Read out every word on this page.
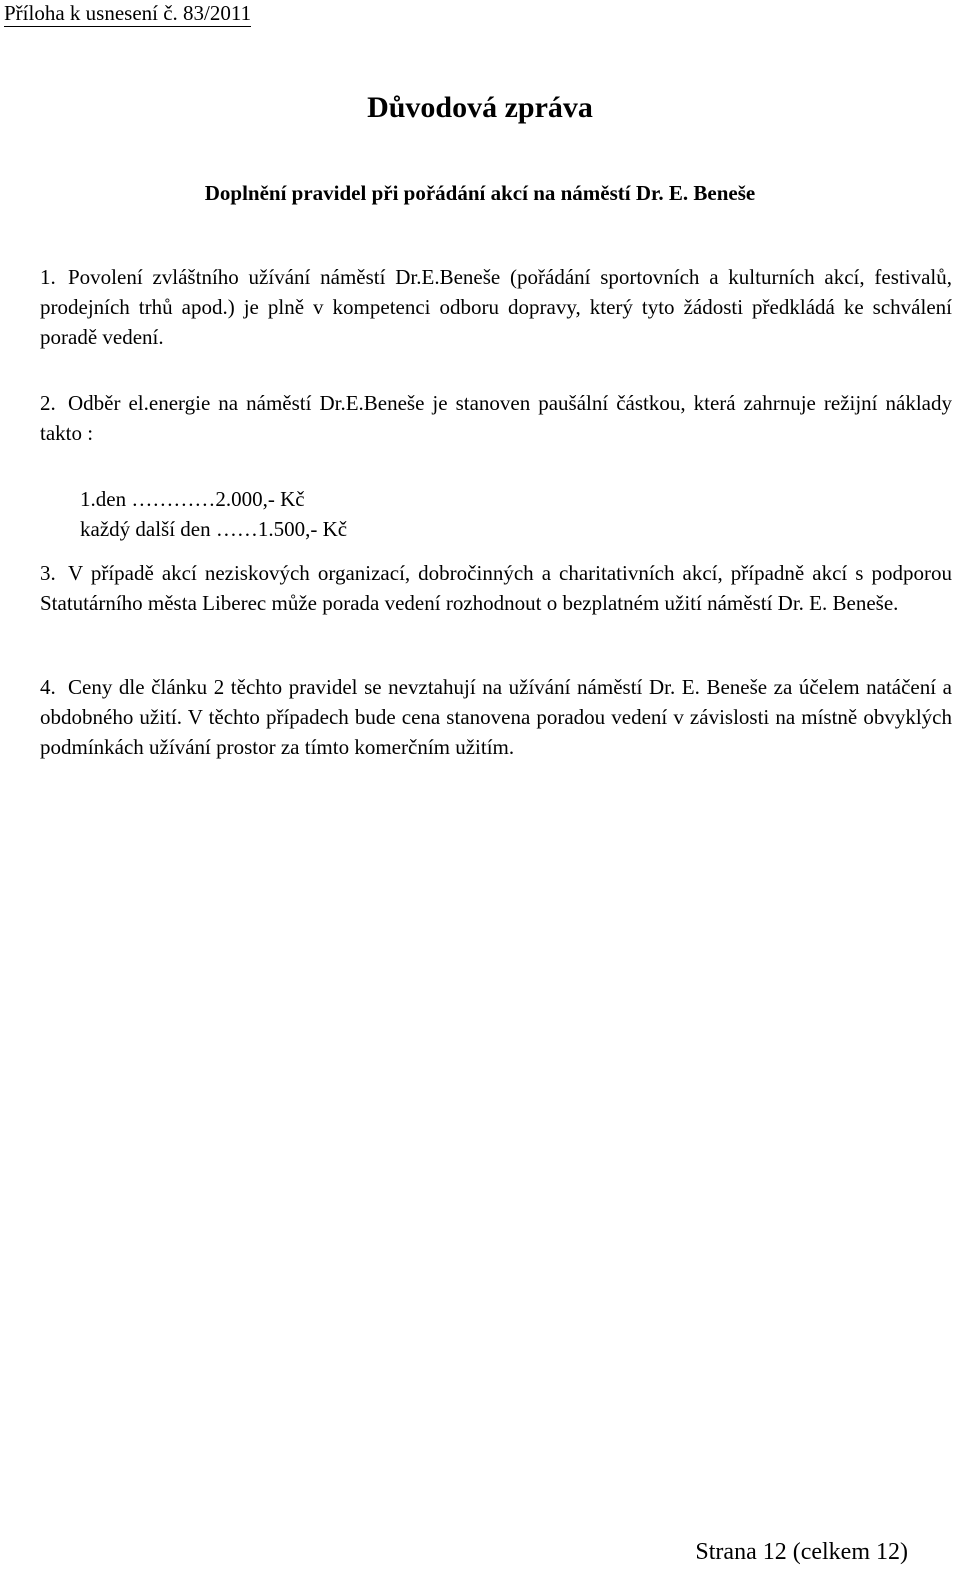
Příloha k usnesení č. 83/2011
Důvodová zpráva
Doplnění pravidel při pořádání akcí na náměstí Dr. E. Beneše
1. Povolení zvláštního užívání náměstí Dr.E.Beneše (pořádání sportovních a kulturních akcí, festivalů, prodejních trhů apod.) je plně v kompetenci odboru dopravy, který tyto žádosti předkládá ke schválení poradě vedení.
2. Odběr el.energie na náměstí Dr.E.Beneše je stanoven paušální částkou, která zahrnuje režijní náklady takto :
1.den …………2.000,- Kč
každý další den ……1.500,- Kč
3. V případě akcí neziskových organizací, dobročinných a charitativních akcí, případně akcí s podporou Statutárního města Liberec může porada vedení rozhodnout o bezplatném užití náměstí Dr. E. Beneše.
4. Ceny dle článku 2 těchto pravidel se nevztahují na užívání náměstí Dr. E. Beneše za účelem natáčení a obdobného užití. V těchto případech bude cena stanovena poradou vedení v závislosti na místně obvyklých podmínkách užívání prostor za tímto komerčním užitím.
Strana 12 (celkem 12)
